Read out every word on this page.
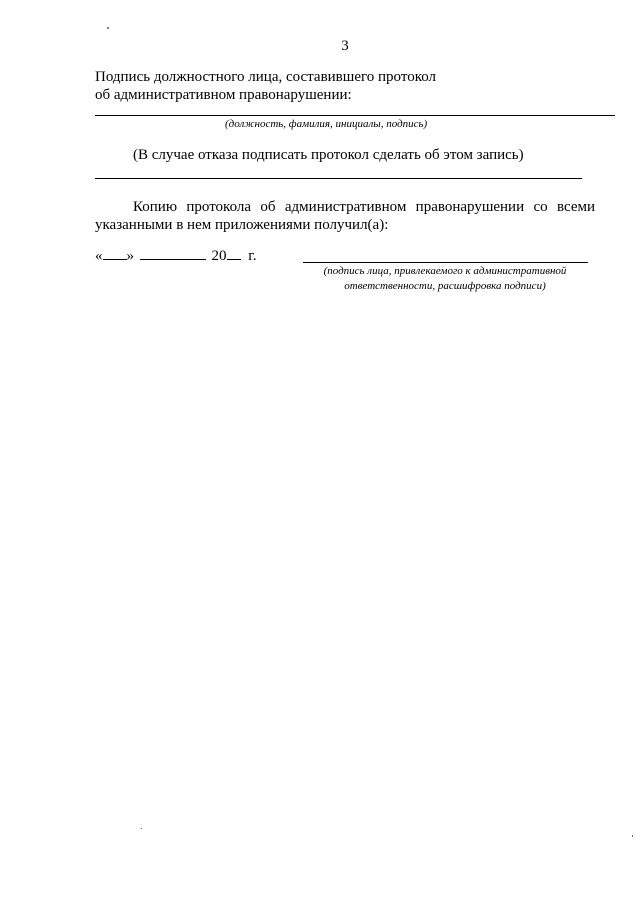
3
Подпись должностного лица, составившего протокол
об административном правонарушении:
(должность, фамилия, инициалы, подпись)
(В случае отказа подписать протокол сделать об этом запись)
Копию протокола об административном правонарушении со всеми указанными в нем приложениями получил(а):
« »	20 г.
(подпись лица, привлекаемого к административной
ответственности, расшифровка подписи)
